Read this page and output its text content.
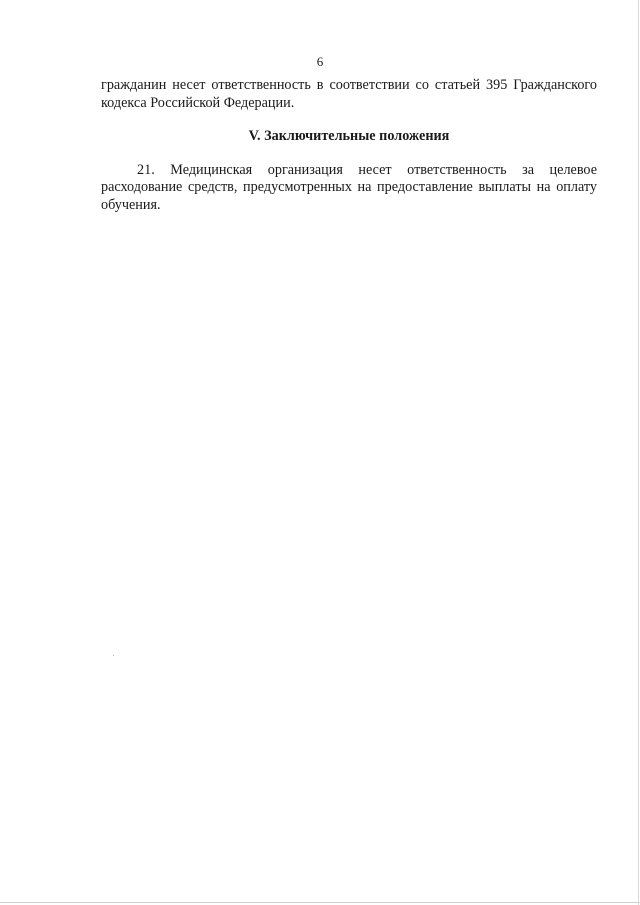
6

гражданин несет ответственность в соответствии со статьей 395 Гражданского кодекса Российской Федерации.

V. Заключительные положения

21. Медицинская организация несет ответственность за целевое расходование средств, предусмотренных на предоставление выплаты на оплату обучения.
